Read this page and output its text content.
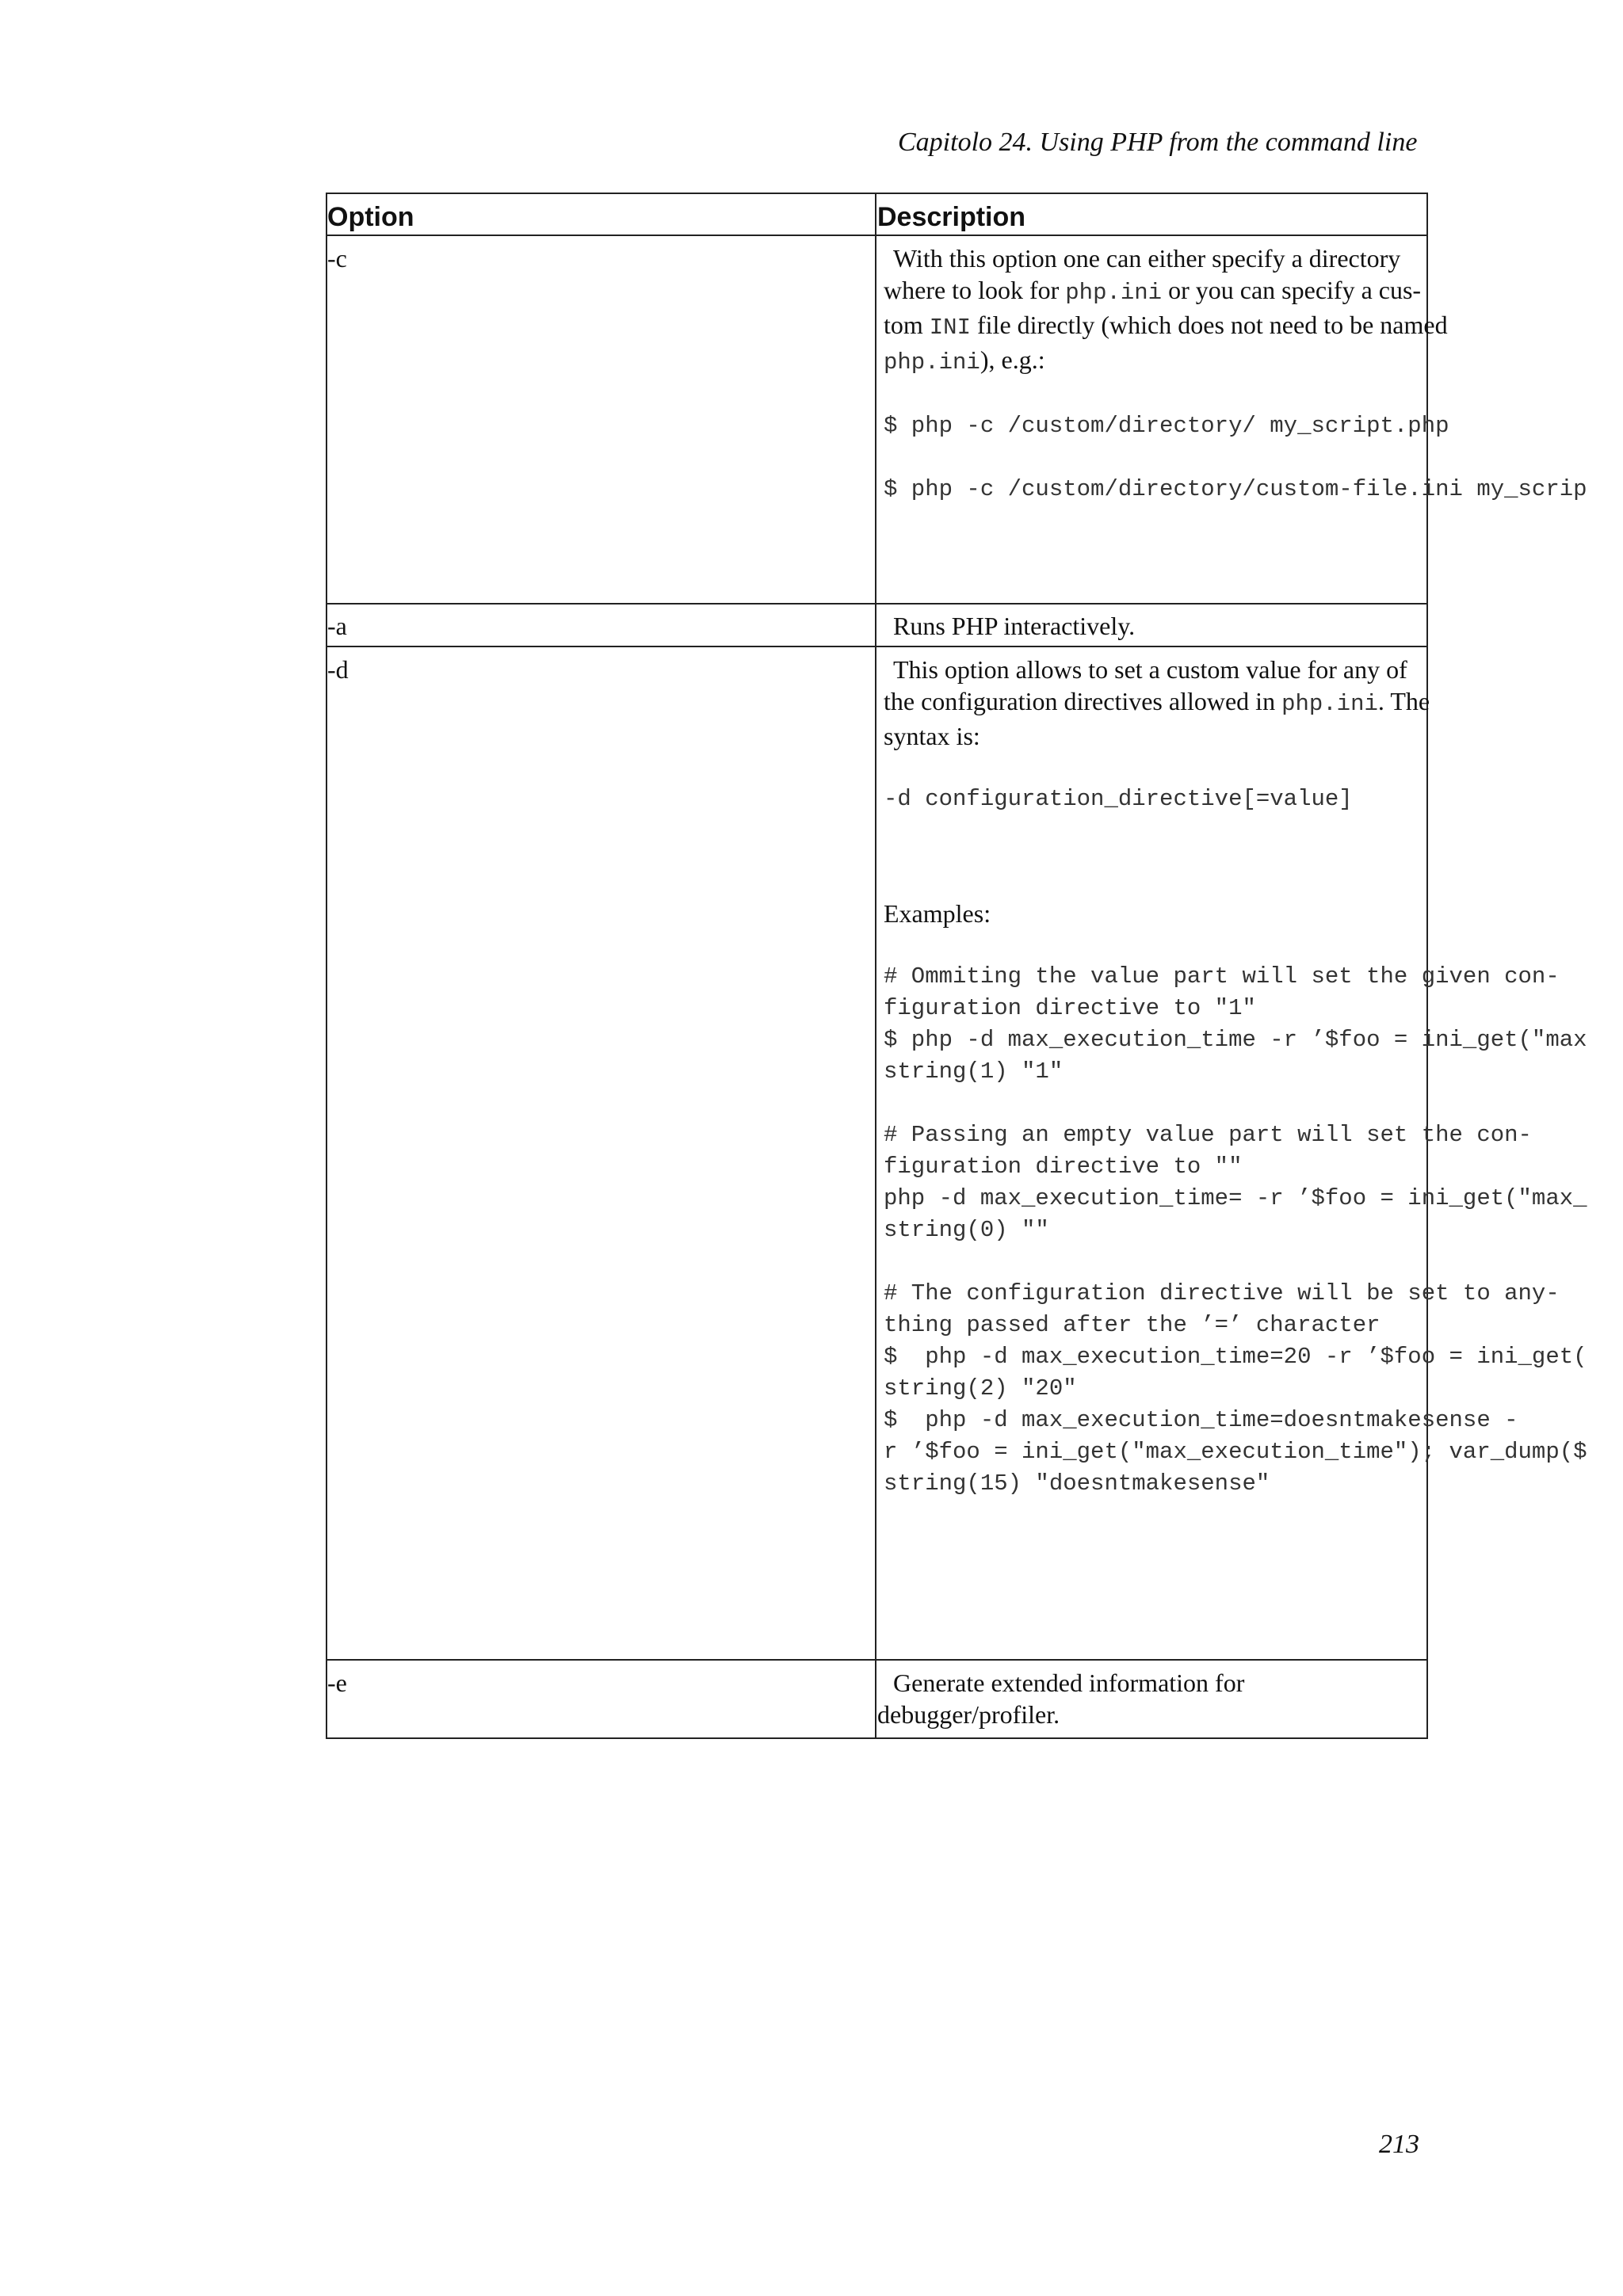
Capitolo 24. Using PHP from the command line
Option	Description
-c	With this option one can either specify a directory

where to look for php.ini or you can specify a cus-

tom INI file directly (which does not need to be named

php.ini), e.g.:

$ php -c /custom/directory/ my_script.php
$ php -c /custom/directory/custom-file.ini my_scrip
-a	Runs PHP interactively.

-d	This option allows to set a custom value for any of

the configuration directives allowed in php.ini. The

syntax is:

-d configuration_directive[=value]

Examples:

# Ommiting the value part will set the given con-
figuration directive to "1"
$ php -d max_execution_time -r ’$foo = ini_get("max
string(1) "1"
# Passing an empty value part will set the con-
figuration directive to ""
php -d max_execution_time= -r ’$foo = ini_get("max_
string(0) ""
# The configuration directive will be set to any-
thing passed after the ’=’ character
$  php -d max_execution_time=20 -r ’$foo = ini_get(
string(2) "20"
$  php -d max_execution_time=doesntmakesense -
r ’$foo = ini_get("max_execution_time"); var_dump($
string(15) "doesntmakesense"
-e	Generate extended information for

debugger/profiler.

213
